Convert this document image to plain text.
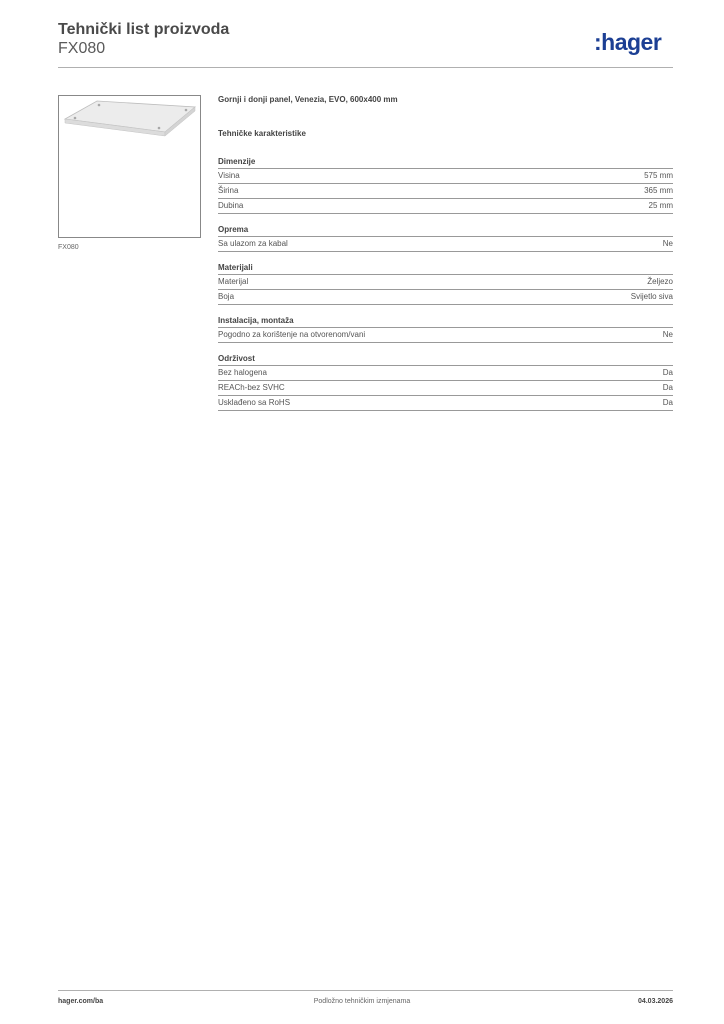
Tehnički list proizvoda
FX080	:hager
FX080
Gornji i donji panel, Venezia, EVO, 600x400 mm
Tehničke karakteristike
Dimenzije
Visina	575 mm
Širina	365 mm
Dubina	25 mm
Oprema
Sa ulazom za kabal	Ne
Materijali
Materijal	Željezo
Boja	Svijetlo siva
Instalacija, montaža
Pogodno za korištenje na otvorenom/vani	Ne
Održivost
Bez halogena	Da
REACh-bez SVHC	Da
Usklađeno sa RoHS	Da
hager.com/ba	Podložno tehničkim izmjenama	04.03.2026
